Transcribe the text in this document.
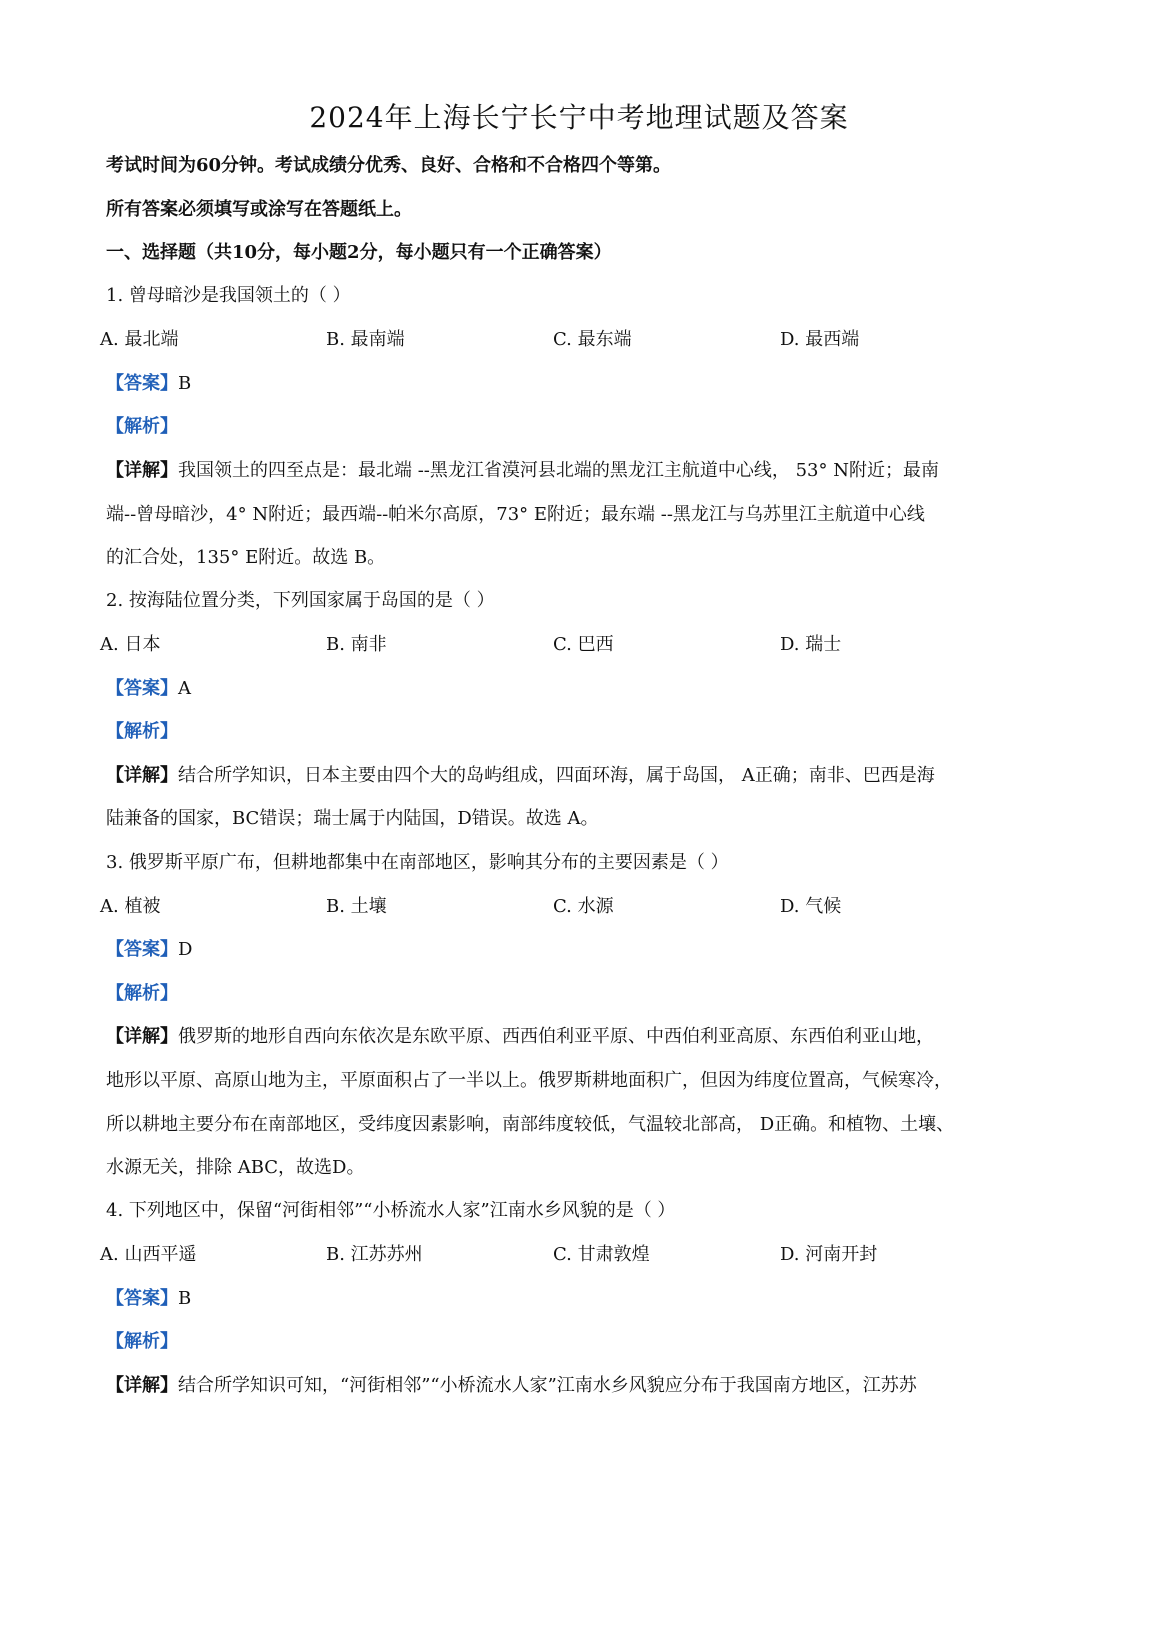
2024年上海长宁长宁中考地理试题及答案
考试时间为60分钟。考试成绩分优秀、良好、合格和不合格四个等第。
所有答案必须填写或涂写在答题纸上。
一、选择题（共10分，每小题2分，每小题只有一个正确答案）
1. 曾母暗沙是我国领土的（ ）
A. 最北端	B. 最南端	C. 最东端	D. 最西端
【答案】B
【解析】
【详解】我国领土的四至点是：最北端 --黑龙江省漠河县北端的黑龙江主航道中心线， 53° N附近；最南
端--曾母暗沙，4° N附近；最西端--帕米尔高原，73° E附近；最东端 --黑龙江与乌苏里江主航道中心线
的汇合处，135° E附近。故选 B。
2. 按海陆位置分类，下列国家属于岛国的是（ ）
A. 日本	B. 南非	C. 巴西	D. 瑞士
【答案】A
【解析】
【详解】结合所学知识，日本主要由四个大的岛屿组成，四面环海，属于岛国， A正确；南非、巴西是海
陆兼备的国家，BC错误；瑞士属于内陆国，D错误。故选 A。
3. 俄罗斯平原广布，但耕地都集中在南部地区，影响其分布的主要因素是（ ）
A. 植被	B. 土壤	C. 水源	D. 气候
【答案】D
【解析】
【详解】俄罗斯的地形自西向东依次是东欧平原、西西伯利亚平原、中西伯利亚高原、东西伯利亚山地，
地形以平原、高原山地为主，平原面积占了一半以上。俄罗斯耕地面积广，但因为纬度位置高，气候寒冷，
所以耕地主要分布在南部地区，受纬度因素影响，南部纬度较低，气温较北部高， D正确。和植物、土壤、
水源无关，排除 ABC，故选D。
4. 下列地区中，保留“河街相邻”“小桥流水人家”江南水乡风貌的是（ ）
A. 山西平遥	B. 江苏苏州	C. 甘肃敦煌	D. 河南开封
【答案】B
【解析】
【详解】结合所学知识可知，“河街相邻”“小桥流水人家”江南水乡风貌应分布于我国南方地区，江苏苏
